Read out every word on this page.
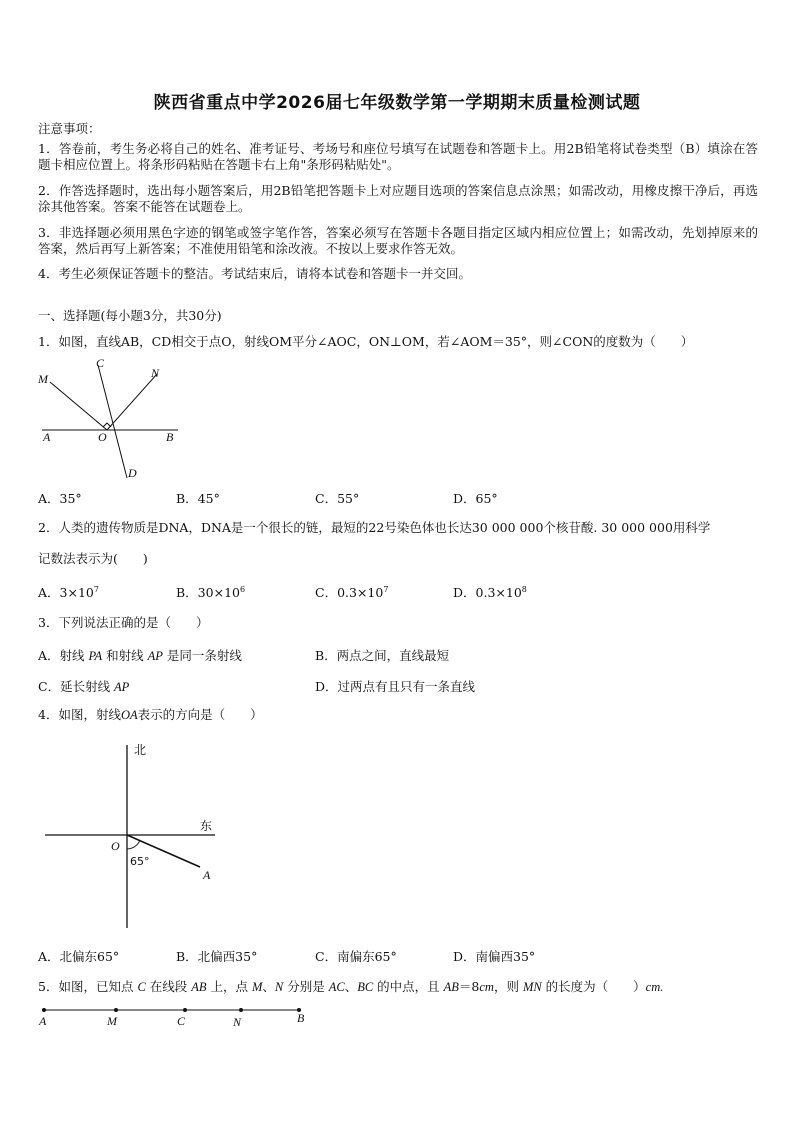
陕西省重点中学2026届七年级数学第一学期期末质量检测试题
注意事项：
1．答卷前，考生务必将自己的姓名、准考证号、考场号和座位号填写在试题卷和答题卡上。用2B铅笔将试卷类型（B）填涂在答题卡相应位置上。将条形码粘贴在答题卡右上角"条形码粘贴处"。
2．作答选择题时，选出每小题答案后，用2B铅笔把答题卡上对应题目选项的答案信息点涂黑；如需改动，用橡皮擦干净后，再选涂其他答案。答案不能答在试题卷上。
3．非选择题必须用黑色字迹的钢笔或签字笔作答，答案必须写在答题卡各题目指定区域内相应位置上；如需改动，先划掉原来的答案，然后再写上新答案；不准使用铅笔和涂改液。不按以上要求作答无效。
4．考生必须保证答题卡的整洁。考试结束后，请将本试卷和答题卡一并交回。
一、选择题(每小题3分，共30分)
1．如图，直线AB，CD相交于点O，射线OM平分∠AOC，ON⊥OM，若∠AOM＝35°，则∠CON的度数为（　　）
M
C
N
A	O	B
D
A．35°	B．45°	C．55°	D．65°
2．人类的遗传物质是DNA，DNA是一个很长的链，最短的22号染色体也长达30 000 000个核苷酸. 30 000 000用科学
记数法表示为(　　)
A．$3\times 10^7$	B．$30\times 10^6$	C．$0.3\times 10^7$	D．$0.3\times 10^8$
3．下列说法正确的是（　　）
A．射线 PA 和射线 AP 是同一条射线	B．两点之间，直线最短
C．延长射线 AP	D．过两点有且只有一条直线
4．如图，射线OA表示的方向是（　　）
北
东
O
A
65°
A．北偏东65°	B．北偏西35°	C．南偏东65°	D．南偏西35°
5．如图，已知点 C 在线段 AB 上，点 M、N 分别是 AC、BC 的中点，且 AB＝8cm，则 MN 的长度为（　　）cm.
A	M	C	N	B
